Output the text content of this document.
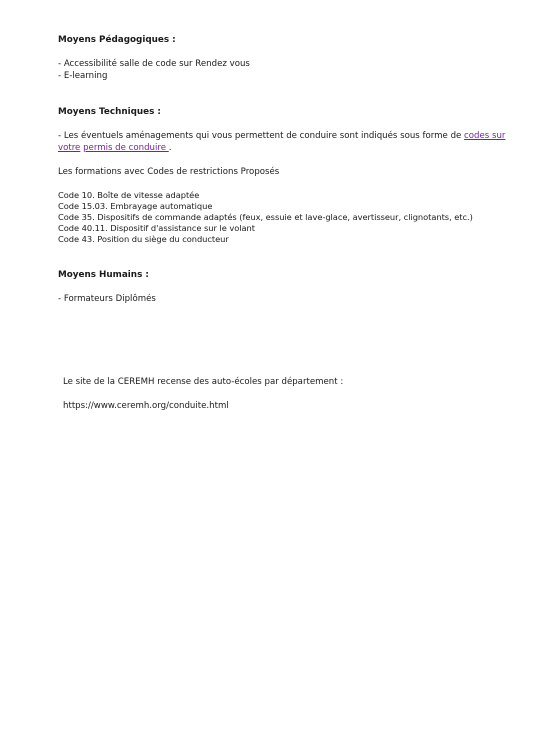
Moyens Pédagogiques :

- Accessibilité salle de code sur Rendez vous

- E-learning

Moyens Techniques :

- Les éventuels aménagements qui vous permettent de conduire sont indiqués sous forme de codes sur votre permis de conduire .

Les formations avec Codes de restrictions Proposés

Code 10. Boîte de vitesse adaptée

Code 15.03. Embrayage automatique

Code 35. Dispositifs de commande adaptés (feux, essuie et lave-glace, avertisseur, clignotants, etc.)

Code 40.11. Dispositif d'assistance sur le volant

Code 43. Position du siège du conducteur

Moyens Humains :

- Formateurs Diplômés

Le site de la CEREMH recense des auto-écoles par département :

https://www.ceremh.org/conduite.html
